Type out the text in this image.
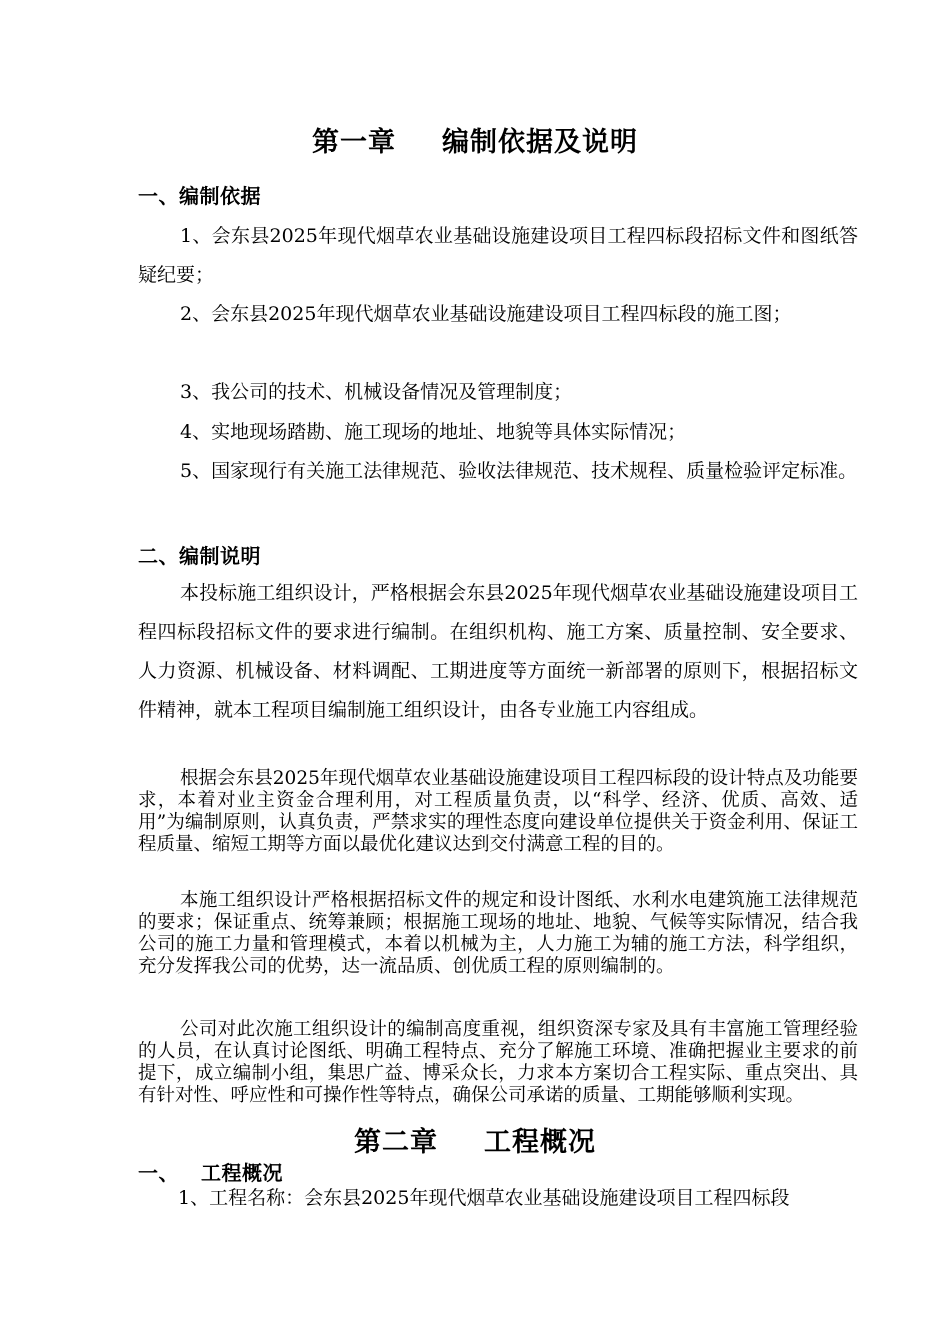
第一章 编制依据及说明
一、编制依据

1、会东县2025年现代烟草农业基础设施建设项目工程四标段招标文件和图纸答疑纪要；

2、会东县2025年现代烟草农业基础设施建设项目工程四标段的施工图；

3、我公司的技术、机械设备情况及管理制度；

4、实地现场踏勘、施工现场的地址、地貌等具体实际情况；

5、国家现行有关施工法律规范、验收法律规范、技术规程、质量检验评定标准。

二、编制说明

本投标施工组织设计，严格根据会东县2025年现代烟草农业基础设施建设项目工程四标段招标文件的要求进行编制。在组织机构、施工方案、质量控制、安全要求、人力资源、机械设备、材料调配、工期进度等方面统一新部署的原则下，根据招标文件精神，就本工程项目编制施工组织设计，由各专业施工内容组成。

根据会东县2025年现代烟草农业基础设施建设项目工程四标段的设计特点及功能要求，本着对业主资金合理利用，对工程质量负责，以“科学、经济、优质、高效、适用”为编制原则，认真负责，严禁求实的理性态度向建设单位提供关于资金利用、保证工程质量、缩短工期等方面以最优化建议达到交付满意工程的目的。

本施工组织设计严格根据招标文件的规定和设计图纸、水利水电建筑施工法律规范的要求；保证重点、统筹兼顾；根据施工现场的地址、地貌、气候等实际情况，结合我公司的施工力量和管理模式，本着以机械为主，人力施工为辅的施工方法，科学组织，充分发挥我公司的优势，达一流品质、创优质工程的原则编制的。

公司对此次施工组织设计的编制高度重视，组织资深专家及具有丰富施工管理经验的人员，在认真讨论图纸、明确工程特点、充分了解施工环境、准确把握业主要求的前提下，成立编制小组，集思广益、博采众长，力求本方案切合工程实际、重点突出、具有针对性、呼应性和可操作性等特点，确保公司承诺的质量、工期能够顺利实现。

第二章 工程概况
一、 工程概况

1、工程名称：会东县2025年现代烟草农业基础设施建设项目工程四标段
